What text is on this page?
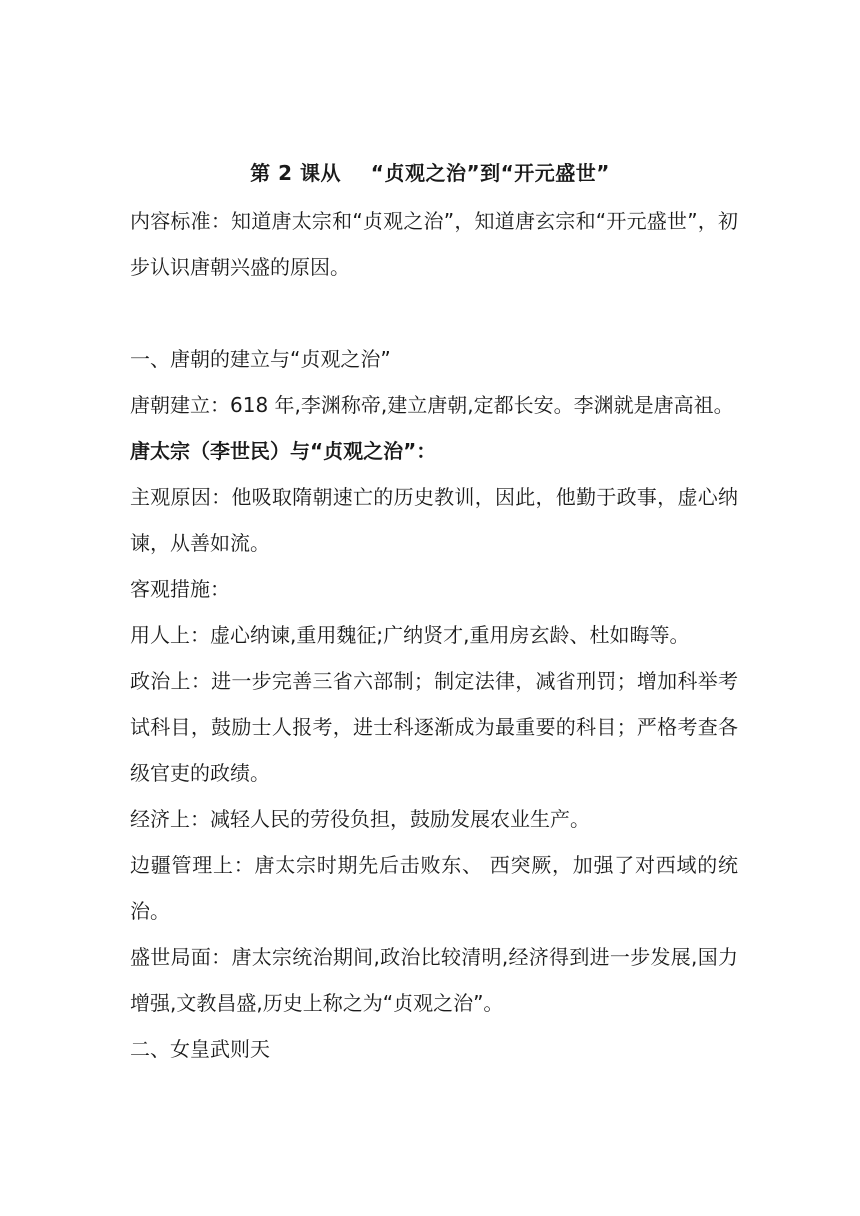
第 2 课从    “贞观之治”到“开元盛世”

内容标准：知道唐太宗和“贞观之治”，知道唐玄宗和“开元盛世”，初步认识唐朝兴盛的原因。

一、唐朝的建立与“贞观之治”

唐朝建立：618 年,李渊称帝,建立唐朝,定都长安。李渊就是唐高祖。

唐太宗（李世民）与“贞观之治”：

主观原因：他吸取隋朝速亡的历史教训，因此，他勤于政事，虚心纳谏，从善如流。

客观措施：

用人上：虚心纳谏,重用魏征;广纳贤才,重用房玄龄、杜如晦等。

政治上：进一步完善三省六部制；制定法律，减省刑罚；增加科举考试科目，鼓励士人报考，进士科逐渐成为最重要的科目；严格考查各级官吏的政绩。

经济上：减轻人民的劳役负担，鼓励发展农业生产。

边疆管理上：唐太宗时期先后击败东、 西突厥，加强了对西域的统治。

盛世局面：唐太宗统治期间,政治比较清明,经济得到进一步发展,国力增强,文教昌盛,历史上称之为“贞观之治”。

二、女皇武则天
